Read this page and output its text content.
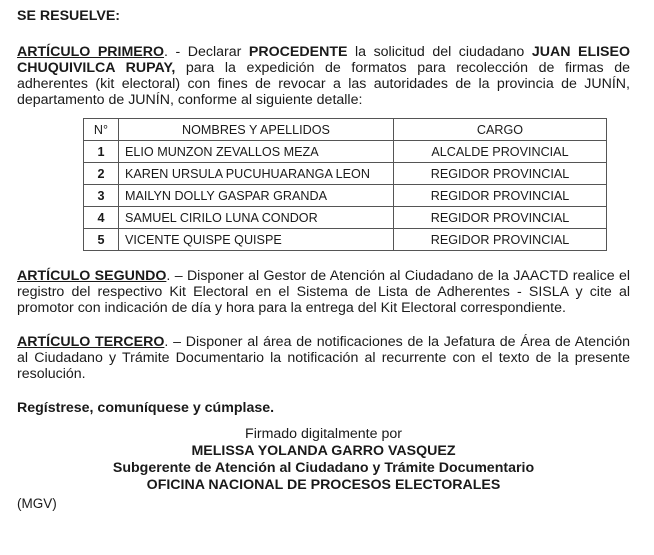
SE RESUELVE:

ARTÍCULO PRIMERO. - Declarar PROCEDENTE la solicitud del ciudadano JUAN ELISEO CHUQUIVILCA RUPAY, para la expedición de formatos para recolección de firmas de adherentes (kit electoral) con fines de revocar a las autoridades de la provincia de JUNÍN, departamento de JUNÍN, conforme al siguiente detalle:

N°	NOMBRES Y APELLIDOS	CARGO
1	ELIO MUNZON ZEVALLOS MEZA	ALCALDE PROVINCIAL
2	KAREN URSULA PUCUHUARANGA LEON	REGIDOR PROVINCIAL
3	MAILYN DOLLY GASPAR GRANDA	REGIDOR PROVINCIAL
4	SAMUEL CIRILO LUNA CONDOR	REGIDOR PROVINCIAL
5	VICENTE QUISPE QUISPE	REGIDOR PROVINCIAL

ARTÍCULO SEGUNDO. – Disponer al Gestor de Atención al Ciudadano de la JAACTD realice el registro del respectivo Kit Electoral en el Sistema de Lista de Adherentes - SISLA y cite al promotor con indicación de día y hora para la entrega del Kit Electoral correspondiente.

ARTÍCULO TERCERO. – Disponer al área de notificaciones de la Jefatura de Área de Atención al Ciudadano y Trámite Documentario la notificación al recurrente con el texto de la presente resolución.

Regístrese, comuníquese y cúmplase.

Firmado digitalmente por
MELISSA YOLANDA GARRO VASQUEZ
Subgerente de Atención al Ciudadano y Trámite Documentario
OFICINA NACIONAL DE PROCESOS ELECTORALES
(MGV)
